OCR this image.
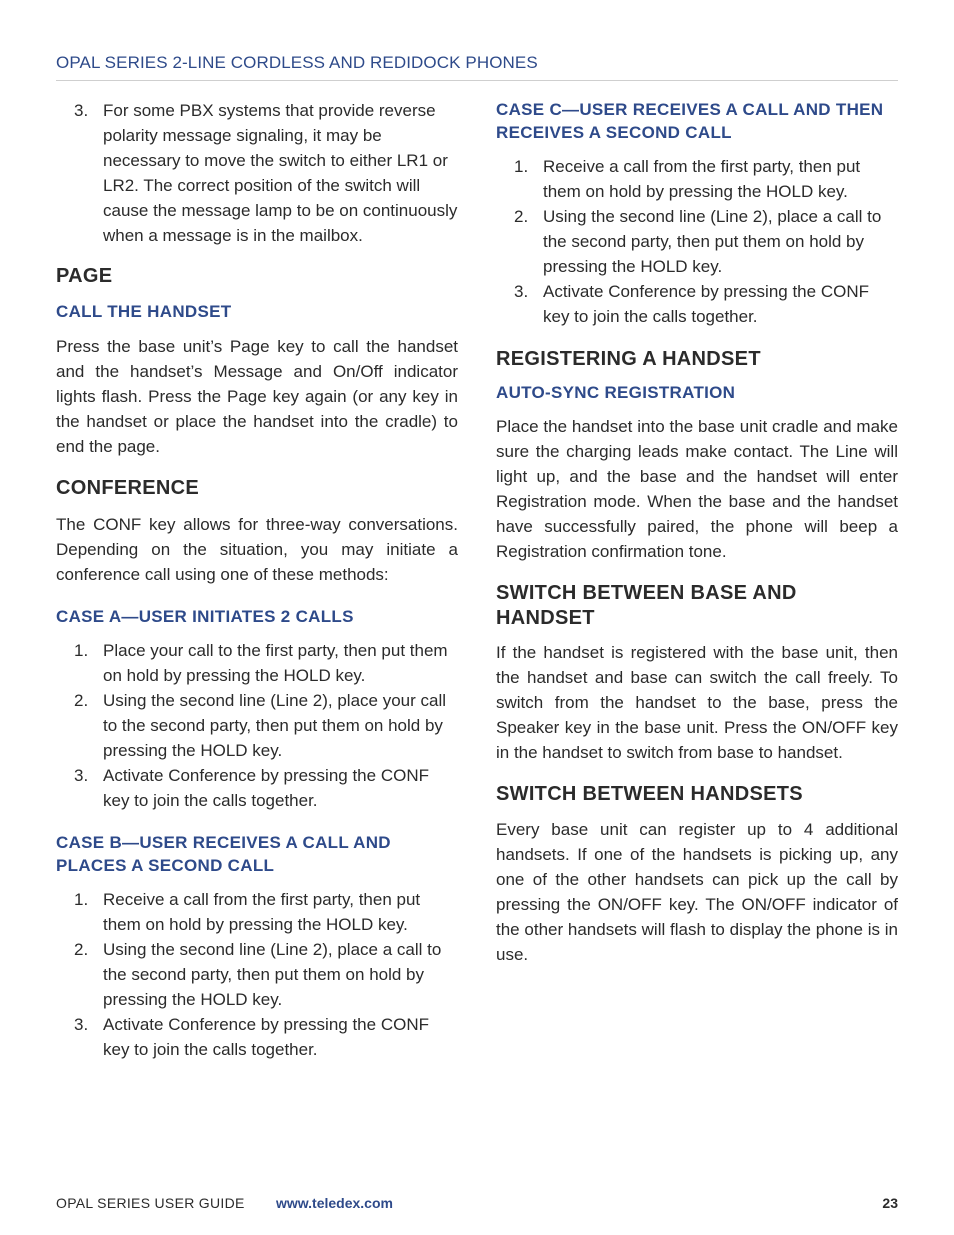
OPAL SERIES 2-LINE CORDLESS AND REDIDOCK PHONES
3. For some PBX systems that provide reverse polarity message signaling, it may be necessary to move the switch to either LR1 or LR2. The correct position of the switch will cause the message lamp to be on continuously when a message is in the mailbox.
PAGE
CALL THE HANDSET

Press the base unit’s Page key to call the handset and the handset’s Message and On/Off indicator lights flash. Press the Page key again (or any key in the handset or place the handset into the cradle) to end the page.

CONFERENCE

The CONF key allows for three-way conversations. Depending on the situation, you may initiate a conference call using one of these methods:

CASE A—USER INITIATES 2 CALLS
1. Place your call to the first party, then put them on hold by pressing the HOLD key.
2. Using the second line (Line 2), place your call to the second party, then put them on hold by pressing the HOLD key.
3. Activate Conference by pressing the CONF key to join the calls together.
CASE B—USER RECEIVES A CALL AND
PLACES A SECOND CALL
1. Receive a call from the first party, then put them on hold by pressing the HOLD key.
2. Using the second line (Line 2), place a call to the second party, then put them on hold by pressing the HOLD key.
3. Activate Conference by pressing the CONF key to join the calls together.
CASE C—USER RECEIVES A CALL AND THEN
RECEIVES A SECOND CALL
1. Receive a call from the first party, then put them on hold by pressing the HOLD key.
2. Using the second line (Line 2), place a call to the second party, then put them on hold by pressing the HOLD key.
3. Activate Conference by pressing the CONF key to join the calls together.
REGISTERING A HANDSET
AUTO-SYNC REGISTRATION

Place the handset into the base unit cradle and make sure the charging leads make contact. The Line will light up, and the base and the handset will enter Registration mode. When the base and the handset have successfully paired, the phone will beep a Registration confirmation tone.

SWITCH BETWEEN BASE AND
HANDSET

If the handset is registered with the base unit, then the handset and base can switch the call freely. To switch from the handset to the base, press the Speaker key in the base unit. Press the ON/OFF key in the handset to switch from base to handset.

SWITCH BETWEEN HANDSETS

Every base unit can register up to 4 additional handsets. If one of the handsets is picking up, any one of the other handsets can pick up the call by pressing the ON/OFF key. The ON/OFF indicator of the other handsets will flash to display the phone is in use.

OPAL SERIES USER GUIDE www.teledex.com	23
